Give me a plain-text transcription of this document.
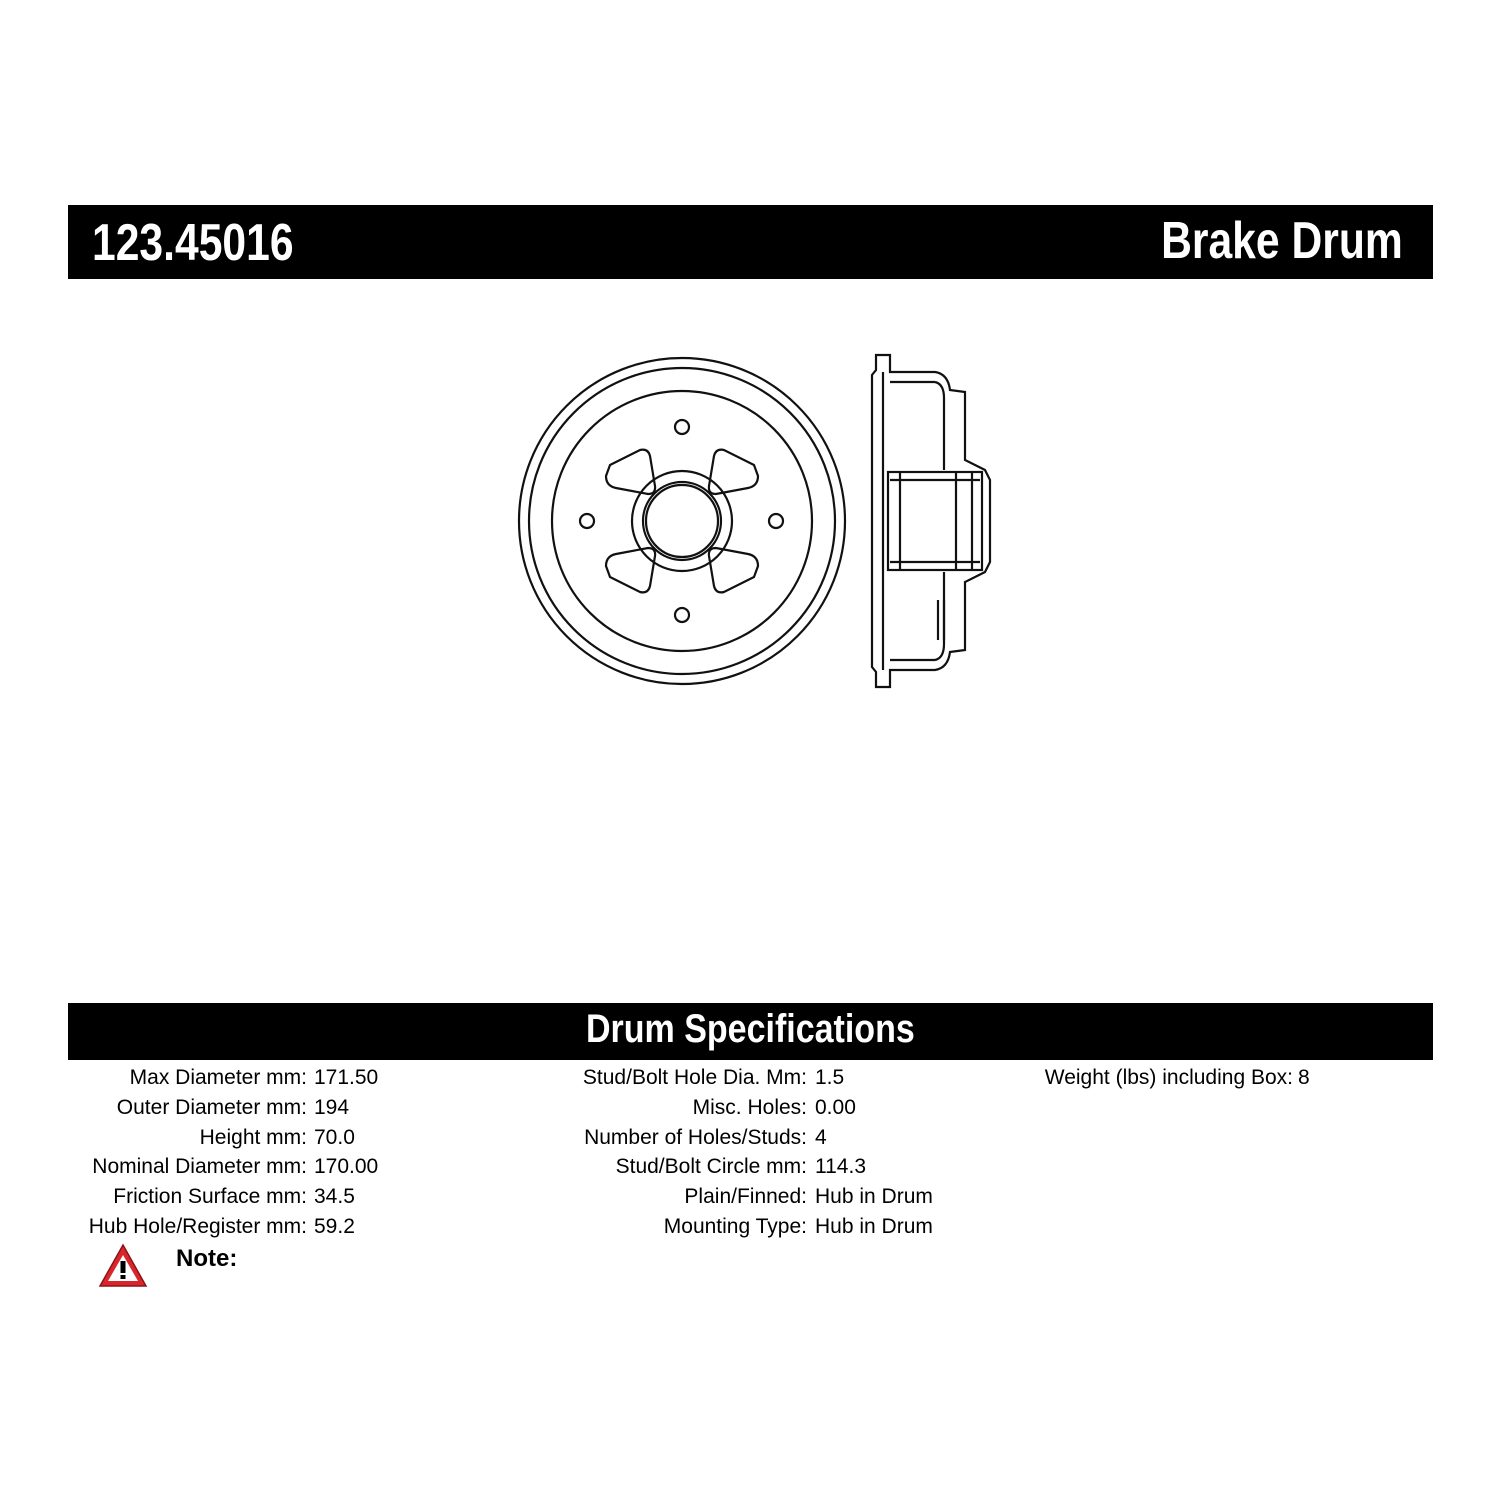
123.45016	Brake Drum
Drum Specifications
Max Diameter mm: 171.50
Outer Diameter mm: 194
Height mm: 70.0
Nominal Diameter mm: 170.00
Friction Surface mm: 34.5
Hub Hole/Register mm: 59.2
Stud/Bolt Hole Dia. Mm: 1.5
Misc. Holes: 0.00
Number of Holes/Studs: 4
Stud/Bolt Circle mm: 114.3
Plain/Finned: Hub in Drum
Mounting Type: Hub in Drum
Weight (lbs) including Box: 8
Note:
